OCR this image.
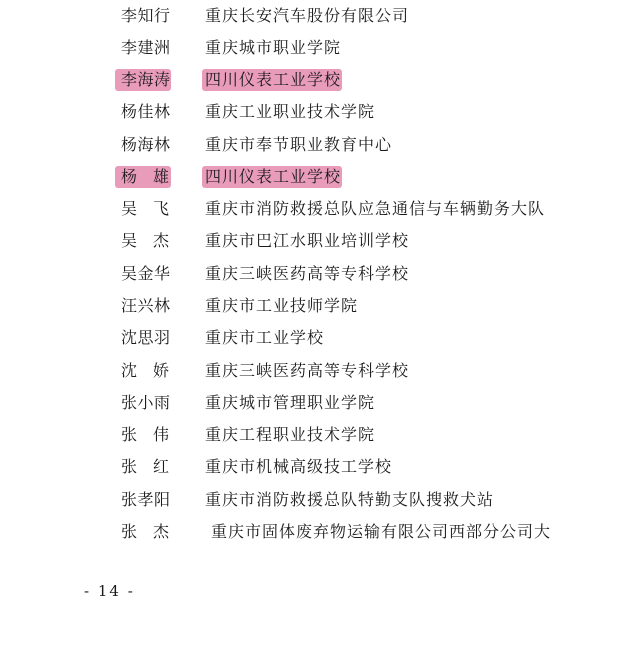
李知行 重庆长安汽车股份有限公司
李建洲 重庆城市职业学院
李海涛 四川仪表工业学校
杨佳林 重庆工业职业技术学院
杨海林 重庆市奉节职业教育中心
杨雄 四川仪表工业学校
吴飞 重庆市消防救援总队应急通信与车辆勤务大队
吴杰 重庆市巴江水职业培训学校
吴金华 重庆三峡医药高等专科学校
汪兴林 重庆市工业技师学院
沈思羽 重庆市工业学校
沈娇 重庆三峡医药高等专科学校
张小雨 重庆城市管理职业学院
张伟 重庆工程职业技术学院
张红 重庆市机械高级技工学校
张孝阳 重庆市消防救援总队特勤支队搜救犬站
张杰 重庆市固体废弃物运输有限公司西部分公司大
- 14 -
